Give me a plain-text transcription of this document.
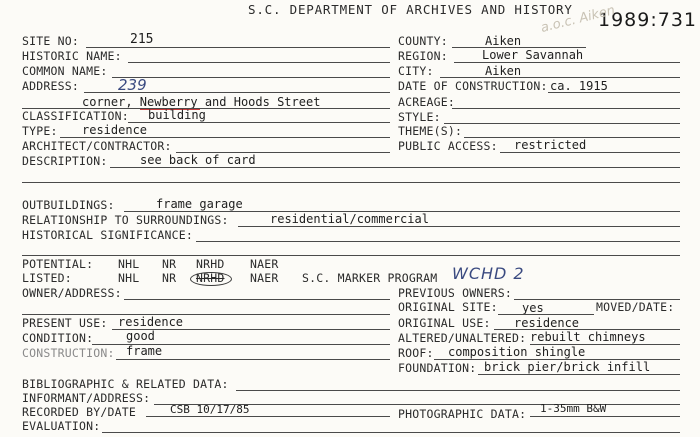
S.C. DEPARTMENT OF ARCHIVES AND HISTORY 1989:731
a.o.c. Aiken
SITE NO:	215
HISTORIC NAME:
COMMON NAME:
ADDRESS:	239
corner, Newberry and Hoods Street
CLASSIFICATION: building
TYPE: residence
ARCHITECT/CONTRACTOR:
DESCRIPTION:	see back of card
COUNTY:	Aiken
REGION:	Lower Savannah
CITY:	Aiken
DATE OF CONSTRUCTION: ca. 1915
ACREAGE:
STYLE:
THEME(S):
PUBLIC ACCESS: restricted
OUTBUILDINGS:	frame garage
RELATIONSHIP TO SURROUNDINGS:	residential/commercial
HISTORICAL SIGNIFICANCE:
POTENTIAL: NHL NR NRHD NAER
LISTED:	NHL NR NRHD NAER S.C. MARKER PROGRAM WCHD 2
OWNER/ADDRESS:	PREVIOUS OWNERS:
ORIGINAL SITE: yes	MOVED/DATE:
PRESENT USE: residence
CONDITION:	good
CONSTRUCTION: frame
ORIGINAL USE: residence
ALTERED/UNALTERED: rebuilt chimneys
ROOF: composition shingle
FOUNDATION: brick pier/brick infill
BIBLIOGRAPHIC & RELATED DATA:
INFORMANT/ADDRESS:
RECORDED BY/DATE	CSB 10/17/85	PHOTOGRAPHIC DATA: 1-35mm B&W
EVALUATION:
